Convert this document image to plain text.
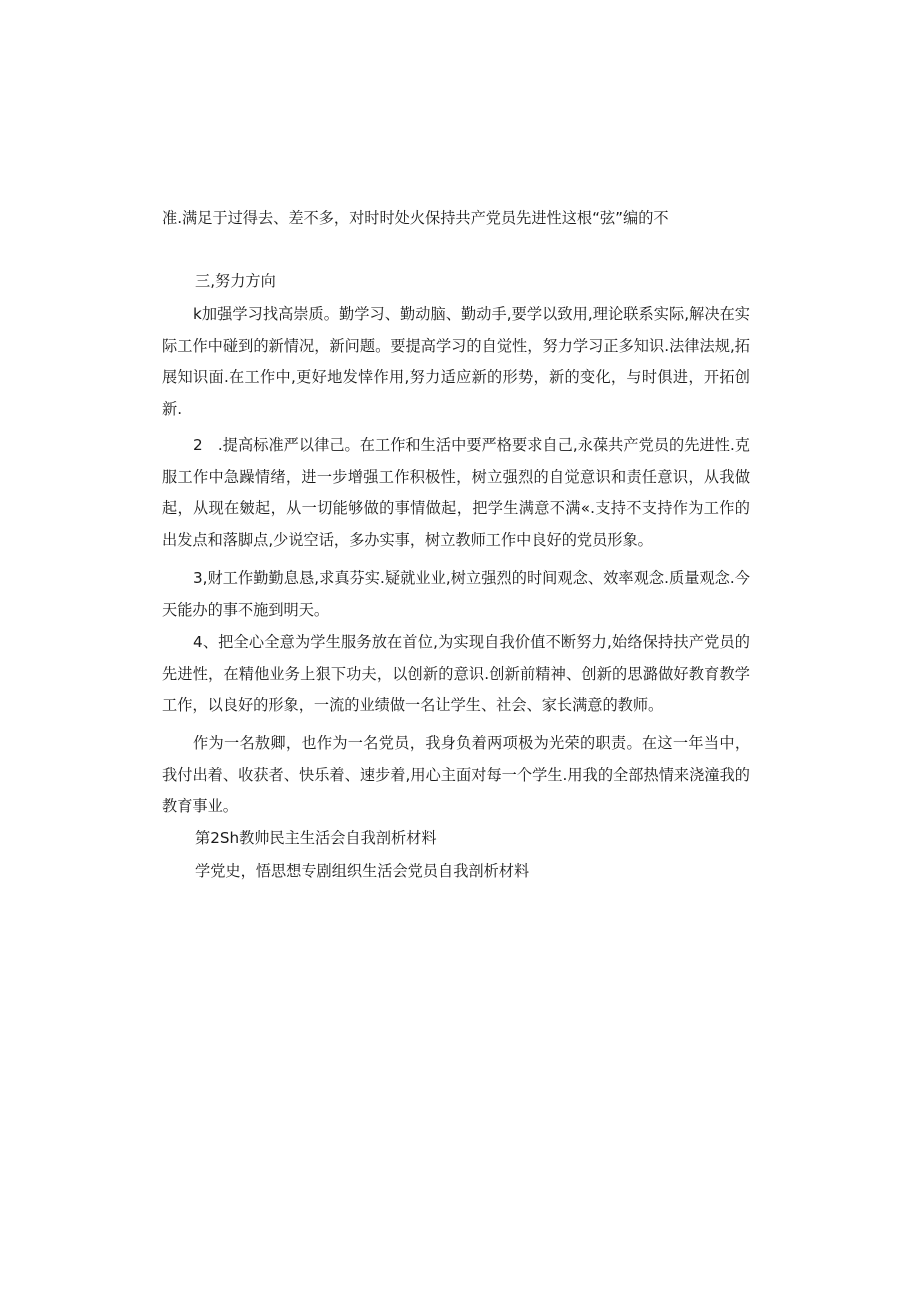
准.满足于过得去、差不多，对时时处火保持共产党员先进性这根“弦”编的不
三,努力方向

k加强学习找高崇质。勤学习、勤动脑、勤动手,要学以致用,理论联系实际,解决在实际工作中碰到的新情况，新问题。要提高学习的自觉性，努力学习正多知识.法律法规,拓展知识面.在工作中,更好地发悻作用,努力适应新的形势，新的变化，与时俱进，开拓创新.

2　.提高标准严以律己。在工作和生活中要严格要求自己,永葆共产党员的先进性.克服工作中急躁情绪，进一步增强工作积极性，树立强烈的自觉意识和责任意识，从我做起，从现在皴起，从一切能够做的事情做起，把学生满意不满«.支持不支持作为工作的出发点和落脚点,少说空话，多办实事，树立教师工作中良好的党员形象。

3,财工作勤勤息恳,求真芬实.疑就业业,树立强烈的时间观念、效率观念.质量观念.今天能办的事不施到明天。

4、把全心全意为学生服务放在首位,为实现自我价值不断努力,始络保持扶产党员的先进性，在精他业务上狠下功夫，以创新的意识.创新前精神、创新的思潞做好教育教学工作，以良好的形象，一流的业绩做一名让学生、社会、家长满意的教师。

作为一名敖卿，也作为一名党员，我身负着两项极为光荣的职责。在这一年当中，我付出着、收获者、快乐着、速步着,用心主面对每一个学生.用我的全部热情来浇潼我的教育事业。

第2Sh教帅民主生活会自我剖析材料
学党史，悟思想专剧组织生活会党员自我剖析材料
